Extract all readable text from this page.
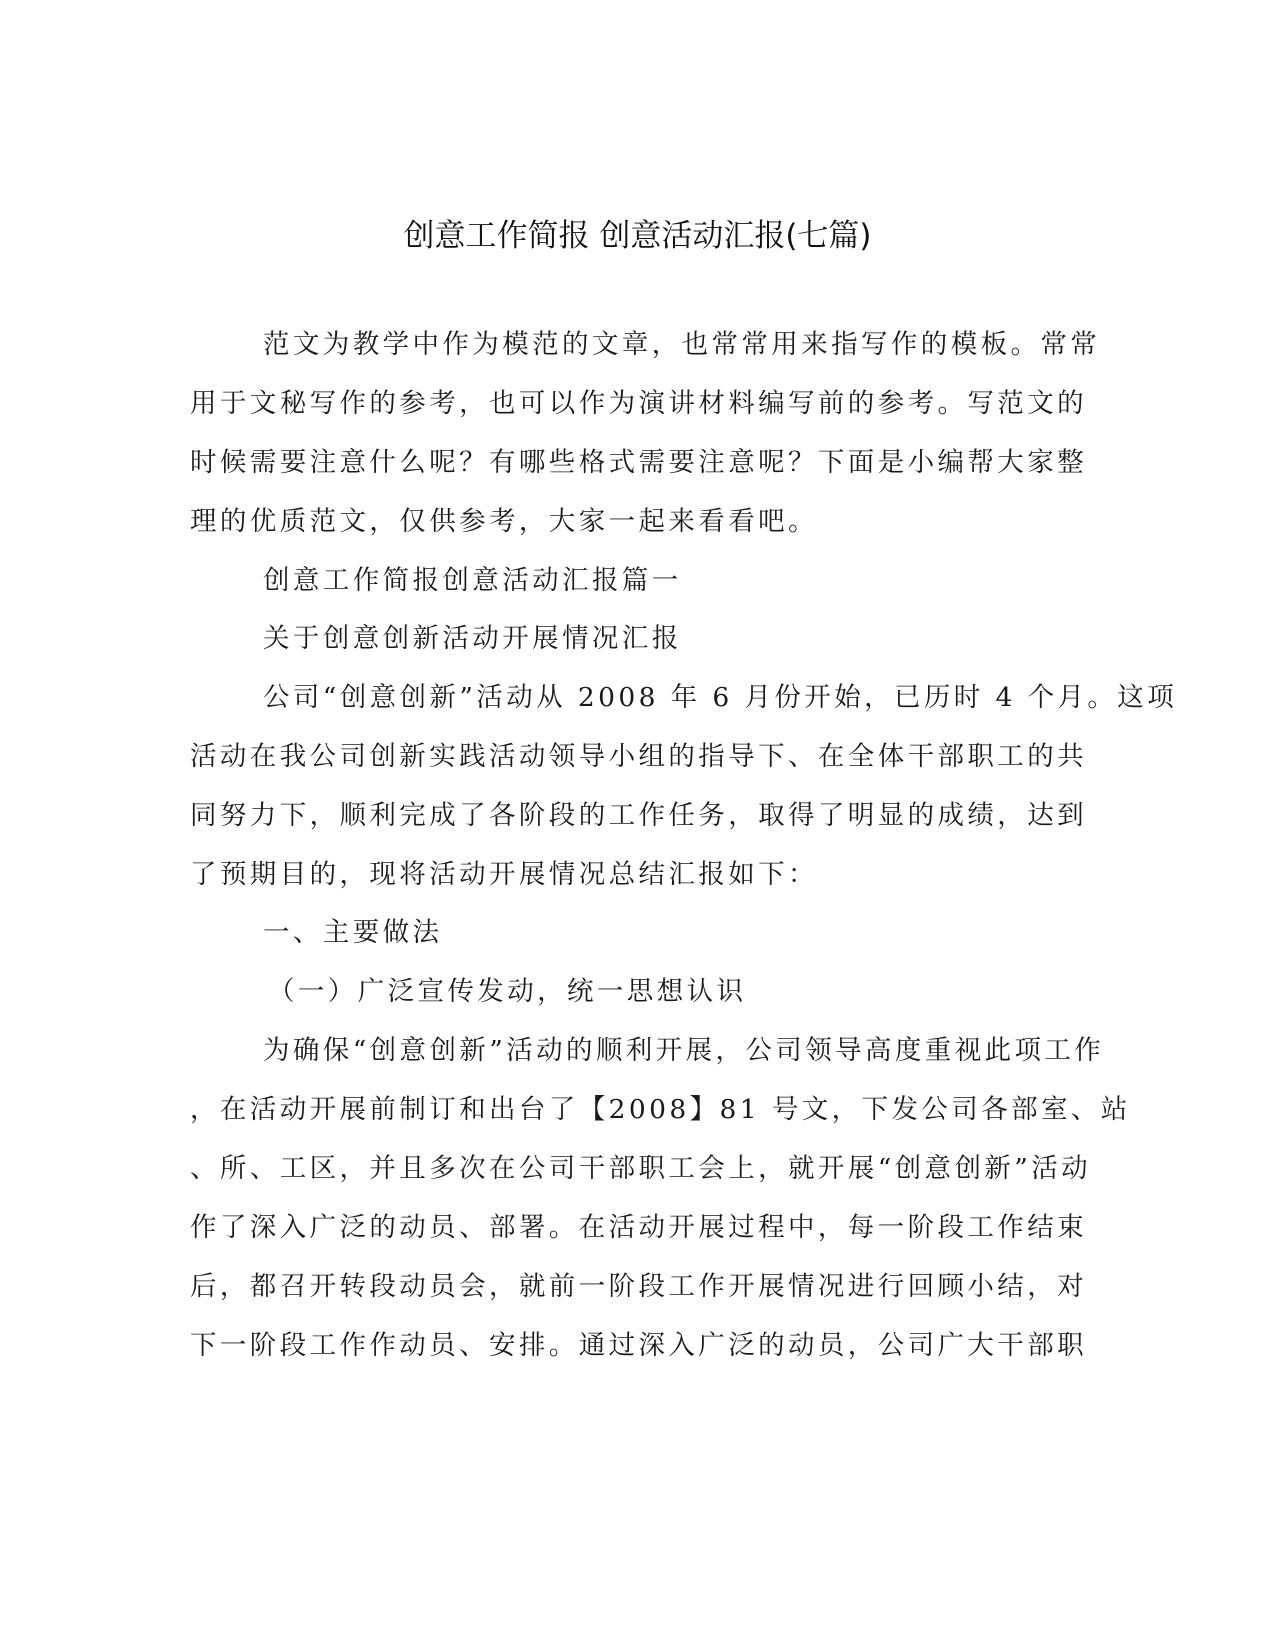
创意工作简报 创意活动汇报(七篇)
范文为教学中作为模范的文章，也常常用来指写作的模板。常常
用于文秘写作的参考，也可以作为演讲材料编写前的参考。写范文的
时候需要注意什么呢？有哪些格式需要注意呢？下面是小编帮大家整
理的优质范文，仅供参考，大家一起来看看吧。
创意工作简报创意活动汇报篇一
关于创意创新活动开展情况汇报
公司“创意创新”活动从 2008 年 6 月份开始，已历时 4 个月。这项
活动在我公司创新实践活动领导小组的指导下、在全体干部职工的共
同努力下，顺利完成了各阶段的工作任务，取得了明显的成绩，达到
了预期目的，现将活动开展情况总结汇报如下：
一、主要做法
（一）广泛宣传发动，统一思想认识
为确保“创意创新”活动的顺利开展，公司领导高度重视此项工作
，在活动开展前制订和出台了【2008】81 号文，下发公司各部室、站
、所、工区，并且多次在公司干部职工会上，就开展“创意创新”活动
作了深入广泛的动员、部署。在活动开展过程中，每一阶段工作结束
后，都召开转段动员会，就前一阶段工作开展情况进行回顾小结，对
下一阶段工作作动员、安排。通过深入广泛的动员，公司广大干部职
